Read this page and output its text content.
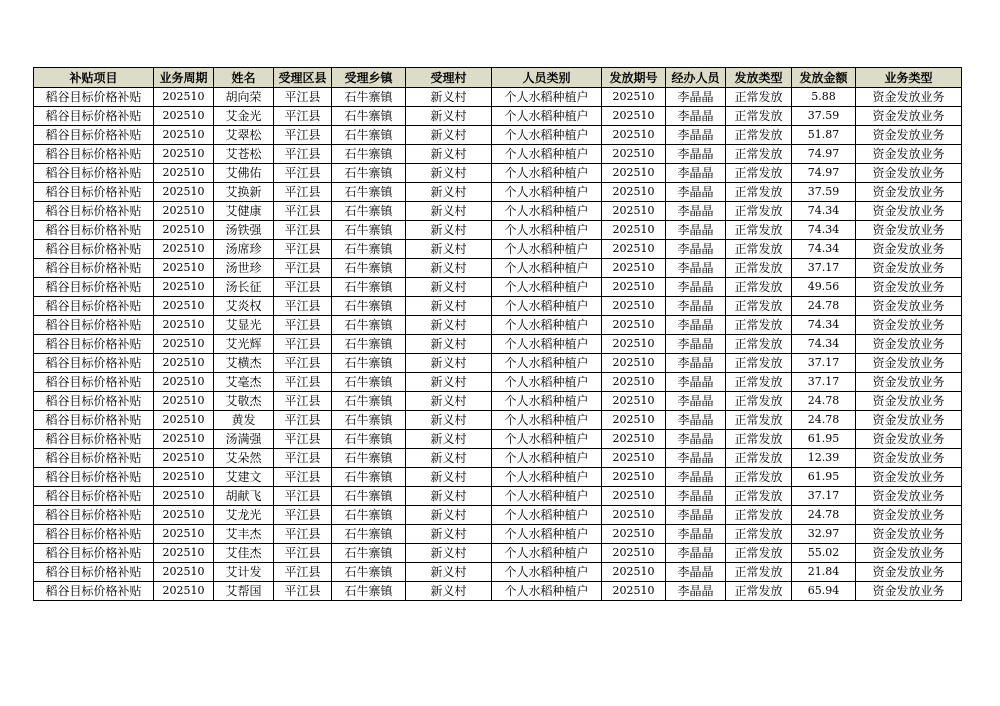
补贴项目	业务周期	姓名	受理区县	受理乡镇	受理村	人员类别	发放期号	经办人员	发放类型	发放金额	业务类型
稻谷目标价格补贴	202510	胡向荣	平江县	石牛寨镇	新义村	个人水稻种植户	202510	李晶晶	正常发放	5.88	资金发放业务
稻谷目标价格补贴	202510	艾金光	平江县	石牛寨镇	新义村	个人水稻种植户	202510	李晶晶	正常发放	37.59	资金发放业务
稻谷目标价格补贴	202510	艾翠松	平江县	石牛寨镇	新义村	个人水稻种植户	202510	李晶晶	正常发放	51.87	资金发放业务
稻谷目标价格补贴	202510	艾苍松	平江县	石牛寨镇	新义村	个人水稻种植户	202510	李晶晶	正常发放	74.97	资金发放业务
稻谷目标价格补贴	202510	艾佛佑	平江县	石牛寨镇	新义村	个人水稻种植户	202510	李晶晶	正常发放	74.97	资金发放业务
稻谷目标价格补贴	202510	艾换新	平江县	石牛寨镇	新义村	个人水稻种植户	202510	李晶晶	正常发放	37.59	资金发放业务
稻谷目标价格补贴	202510	艾健康	平江县	石牛寨镇	新义村	个人水稻种植户	202510	李晶晶	正常发放	74.34	资金发放业务
稻谷目标价格补贴	202510	汤铁强	平江县	石牛寨镇	新义村	个人水稻种植户	202510	李晶晶	正常发放	74.34	资金发放业务
稻谷目标价格补贴	202510	汤席珍	平江县	石牛寨镇	新义村	个人水稻种植户	202510	李晶晶	正常发放	74.34	资金发放业务
稻谷目标价格补贴	202510	汤世珍	平江县	石牛寨镇	新义村	个人水稻种植户	202510	李晶晶	正常发放	37.17	资金发放业务
稻谷目标价格补贴	202510	汤长征	平江县	石牛寨镇	新义村	个人水稻种植户	202510	李晶晶	正常发放	49.56	资金发放业务
稻谷目标价格补贴	202510	艾炎权	平江县	石牛寨镇	新义村	个人水稻种植户	202510	李晶晶	正常发放	24.78	资金发放业务
稻谷目标价格补贴	202510	艾显光	平江县	石牛寨镇	新义村	个人水稻种植户	202510	李晶晶	正常发放	74.34	资金发放业务
稻谷目标价格补贴	202510	艾光辉	平江县	石牛寨镇	新义村	个人水稻种植户	202510	李晶晶	正常发放	74.34	资金发放业务
稻谷目标价格补贴	202510	艾横杰	平江县	石牛寨镇	新义村	个人水稻种植户	202510	李晶晶	正常发放	37.17	资金发放业务
稻谷目标价格补贴	202510	艾毫杰	平江县	石牛寨镇	新义村	个人水稻种植户	202510	李晶晶	正常发放	37.17	资金发放业务
稻谷目标价格补贴	202510	艾敬杰	平江县	石牛寨镇	新义村	个人水稻种植户	202510	李晶晶	正常发放	24.78	资金发放业务
稻谷目标价格补贴	202510	黄发	平江县	石牛寨镇	新义村	个人水稻种植户	202510	李晶晶	正常发放	24.78	资金发放业务
稻谷目标价格补贴	202510	汤满强	平江县	石牛寨镇	新义村	个人水稻种植户	202510	李晶晶	正常发放	61.95	资金发放业务
稻谷目标价格补贴	202510	艾朵然	平江县	石牛寨镇	新义村	个人水稻种植户	202510	李晶晶	正常发放	12.39	资金发放业务
稻谷目标价格补贴	202510	艾建文	平江县	石牛寨镇	新义村	个人水稻种植户	202510	李晶晶	正常发放	61.95	资金发放业务
稻谷目标价格补贴	202510	胡献飞	平江县	石牛寨镇	新义村	个人水稻种植户	202510	李晶晶	正常发放	37.17	资金发放业务
稻谷目标价格补贴	202510	艾龙光	平江县	石牛寨镇	新义村	个人水稻种植户	202510	李晶晶	正常发放	24.78	资金发放业务
稻谷目标价格补贴	202510	艾丰杰	平江县	石牛寨镇	新义村	个人水稻种植户	202510	李晶晶	正常发放	32.97	资金发放业务
稻谷目标价格补贴	202510	艾佳杰	平江县	石牛寨镇	新义村	个人水稻种植户	202510	李晶晶	正常发放	55.02	资金发放业务
稻谷目标价格补贴	202510	艾计发	平江县	石牛寨镇	新义村	个人水稻种植户	202510	李晶晶	正常发放	21.84	资金发放业务
稻谷目标价格补贴	202510	艾帮国	平江县	石牛寨镇	新义村	个人水稻种植户	202510	李晶晶	正常发放	65.94	资金发放业务
